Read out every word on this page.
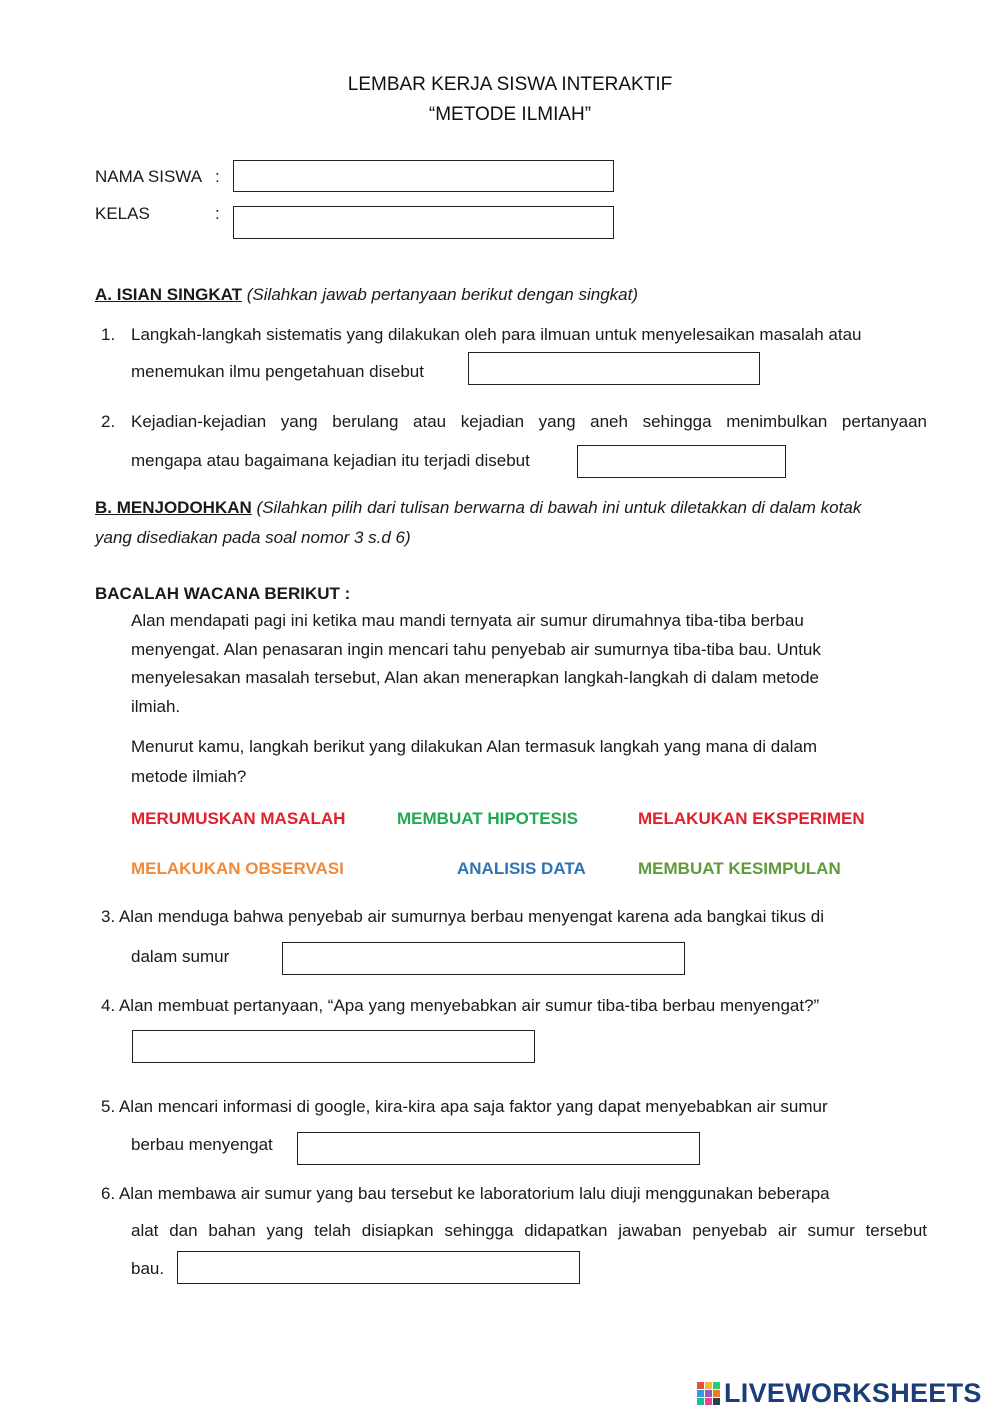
LEMBAR KERJA SISWA INTERAKTIF
“METODE ILMIAH”
NAMA SISWA :
KELAS	:
A. ISIAN SINGKAT (Silahkan jawab pertanyaan berikut dengan singkat)
1. Langkah-langkah sistematis yang dilakukan oleh para ilmuan untuk menyelesaikan masalah atau
menemukan ilmu pengetahuan disebut
2. Kejadian-kejadian yang berulang atau kejadian yang aneh sehingga menimbulkan pertanyaan
mengapa atau bagaimana kejadian itu terjadi disebut
B. MENJODOHKAN (Silahkan pilih dari tulisan berwarna di bawah ini untuk diletakkan di dalam kotak
yang disediakan pada soal nomor 3 s.d 6)
BACALAH WACANA BERIKUT :
Alan mendapati pagi ini ketika mau mandi ternyata air sumur dirumahnya tiba-tiba berbau
menyengat. Alan penasaran ingin mencari tahu penyebab air sumurnya tiba-tiba bau. Untuk
menyelesakan masalah tersebut, Alan akan menerapkan langkah-langkah di dalam metode
ilmiah.
Menurut kamu, langkah berikut yang dilakukan Alan termasuk langkah yang mana di dalam
metode ilmiah?
MERUMUSKAN MASALAH	MEMBUAT HIPOTESIS	MELAKUKAN EKSPERIMEN
MELAKUKAN OBSERVASI	ANALISIS DATA	MEMBUAT KESIMPULAN
3. Alan menduga bahwa penyebab air sumurnya berbau menyengat karena ada bangkai tikus di
dalam sumur
4. Alan membuat pertanyaan, “Apa yang menyebabkan air sumur tiba-tiba berbau menyengat?”
5. Alan mencari informasi di google, kira-kira apa saja faktor yang dapat menyebabkan air sumur
berbau menyengat
6. Alan membawa air sumur yang bau tersebut ke laboratorium lalu diuji menggunakan beberapa
alat dan bahan yang telah disiapkan sehingga didapatkan jawaban penyebab air sumur tersebut
bau.
LIVEWORKSHEETS
